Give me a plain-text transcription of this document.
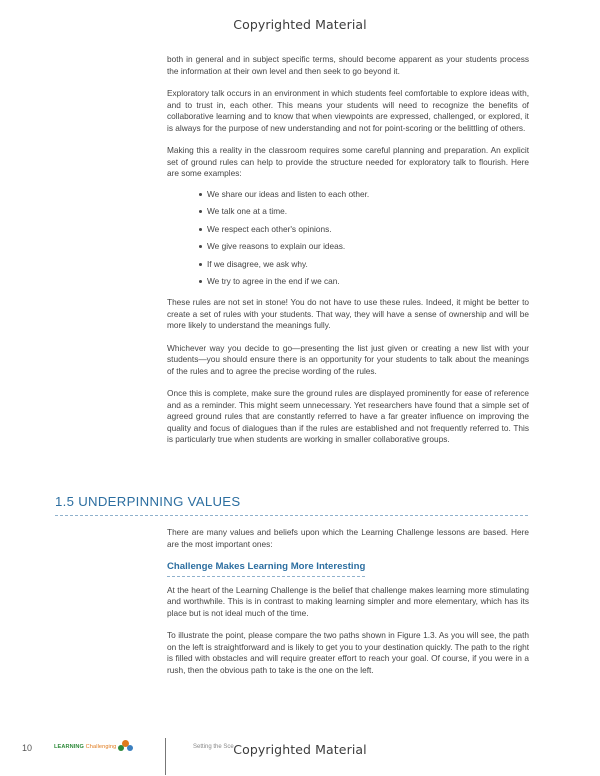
Copyrighted Material

both in general and in subject specific terms, should become apparent as your students process the information at their own level and then seek to go beyond it.

Exploratory talk occurs in an environment in which students feel comfortable to explore ideas with, and to trust in, each other. This means your students will need to recognize the benefits of collaborative learning and to know that when viewpoints are expressed, challenged, or explored, it is always for the purpose of new understanding and not for point-scoring or the belittling of others.

Making this a reality in the classroom requires some careful planning and preparation. An explicit set of ground rules can help to provide the structure needed for exploratory talk to flourish. Here are some examples:

We share our ideas and listen to each other.
We talk one at a time.
We respect each other's opinions.
We give reasons to explain our ideas.
If we disagree, we ask why.
We try to agree in the end if we can.

These rules are not set in stone! You do not have to use these rules. Indeed, it might be better to create a set of rules with your students. That way, they will have a sense of ownership and will be more likely to understand the meanings fully.

Whichever way you decide to go—presenting the list just given or creating a new list with your students—you should ensure there is an opportunity for your students to talk about the meanings of the rules and to agree the precise wording of the rules.

Once this is complete, make sure the ground rules are displayed prominently for ease of reference and as a reminder. This might seem unnecessary. Yet researchers have found that a simple set of agreed ground rules that are constantly referred to have a far greater influence on improving the quality and focus of dialogues than if the rules are established and not frequently referred to. This is particularly true when students are working in smaller collaborative groups.

1.5 UNDERPINNING VALUES

There are many values and beliefs upon which the Learning Challenge lessons are based. Here are the most important ones:

Challenge Makes Learning More Interesting

At the heart of the Learning Challenge is the belief that challenge makes learning more stimulating and worthwhile. This is in contrast to making learning simpler and more elementary, which has its place but is not ideal much of the time.

To illustrate the point, please compare the two paths shown in Figure 1.3. As you will see, the path on the left is straightforward and is likely to get you to your destination quickly. The path to the right is filled with obstacles and will require greater effort to reach your goal. Of course, if you were in a rush, then the obvious path to take is the one on the left.

10	LEARNING Challenging	Setting the Sce Copyrighted Material
